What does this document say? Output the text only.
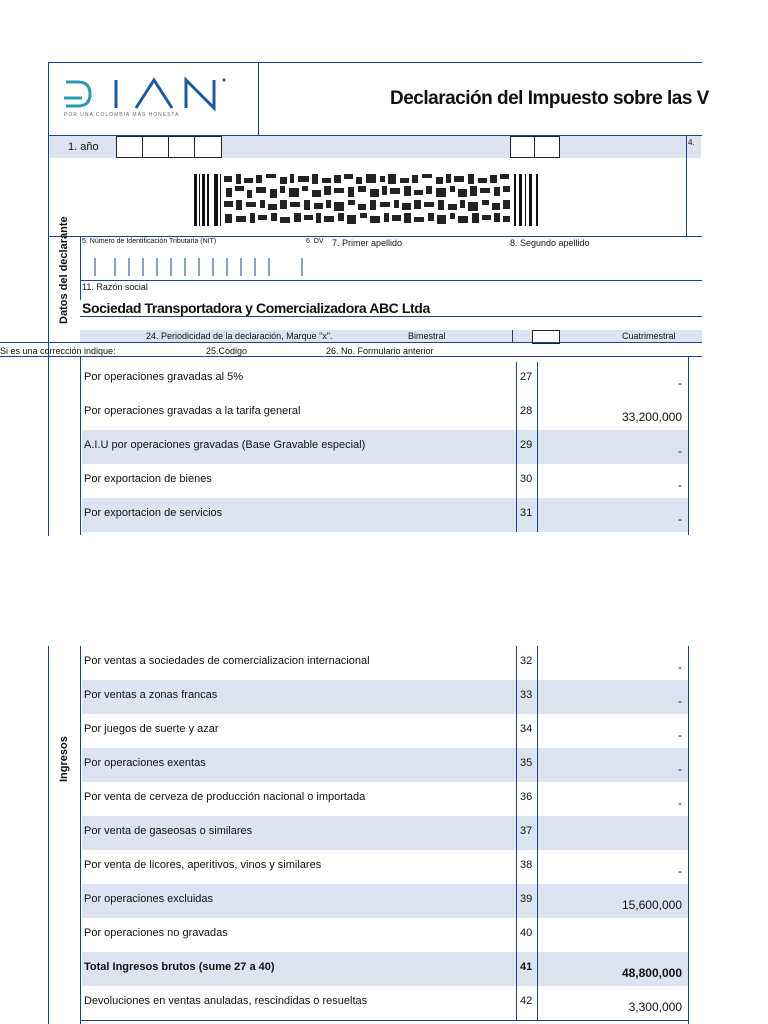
POR UNA COLOMBIA MÁS HONESTA
Declaración del Impuesto sobre las V
1. año	4.
Datos del declarante 5. Número de Identificación Tributaria (NIT)	6. DV 7. Primer apellido	8. Segundo apellido
11. Razón social
Sociedad Transportadora y Comercializadora ABC Ltda
24. Periodicidad de la declaración, Marque "x".	Bimestral	Cuatrimestral
Si es una corrección indique:	25.Código	26. No. Formulario anterior
Por operaciones gravadas al 5%	27	-
Por operaciones gravadas a la tarifa general	28	33,200,000
A.I.U por operaciones gravadas (Base Gravable especial)	29	-
Por exportacion de bienes	30	-
Por exportacion de servicios	31	-
Ingresos
Por ventas a sociedades de comercializacion internacional	32	-
Por ventas a zonas francas	33	-
Por juegos de suerte y azar	34	-
Por operaciones exentas	35	-
Por venta de cerveza de producción nacional o importada	36	-
Por venta de gaseosas o similares	37
Por venta de licores, aperitivos, vinos y similares	38	-
Por operaciones excluidas	39	15,600,000
Por operaciones no gravadas	40
Total Ingresos brutos (sume 27 a 40)	41	48,800,000
Devoluciones en ventas anuladas, rescindidas o resueltas	42	3,300,000
